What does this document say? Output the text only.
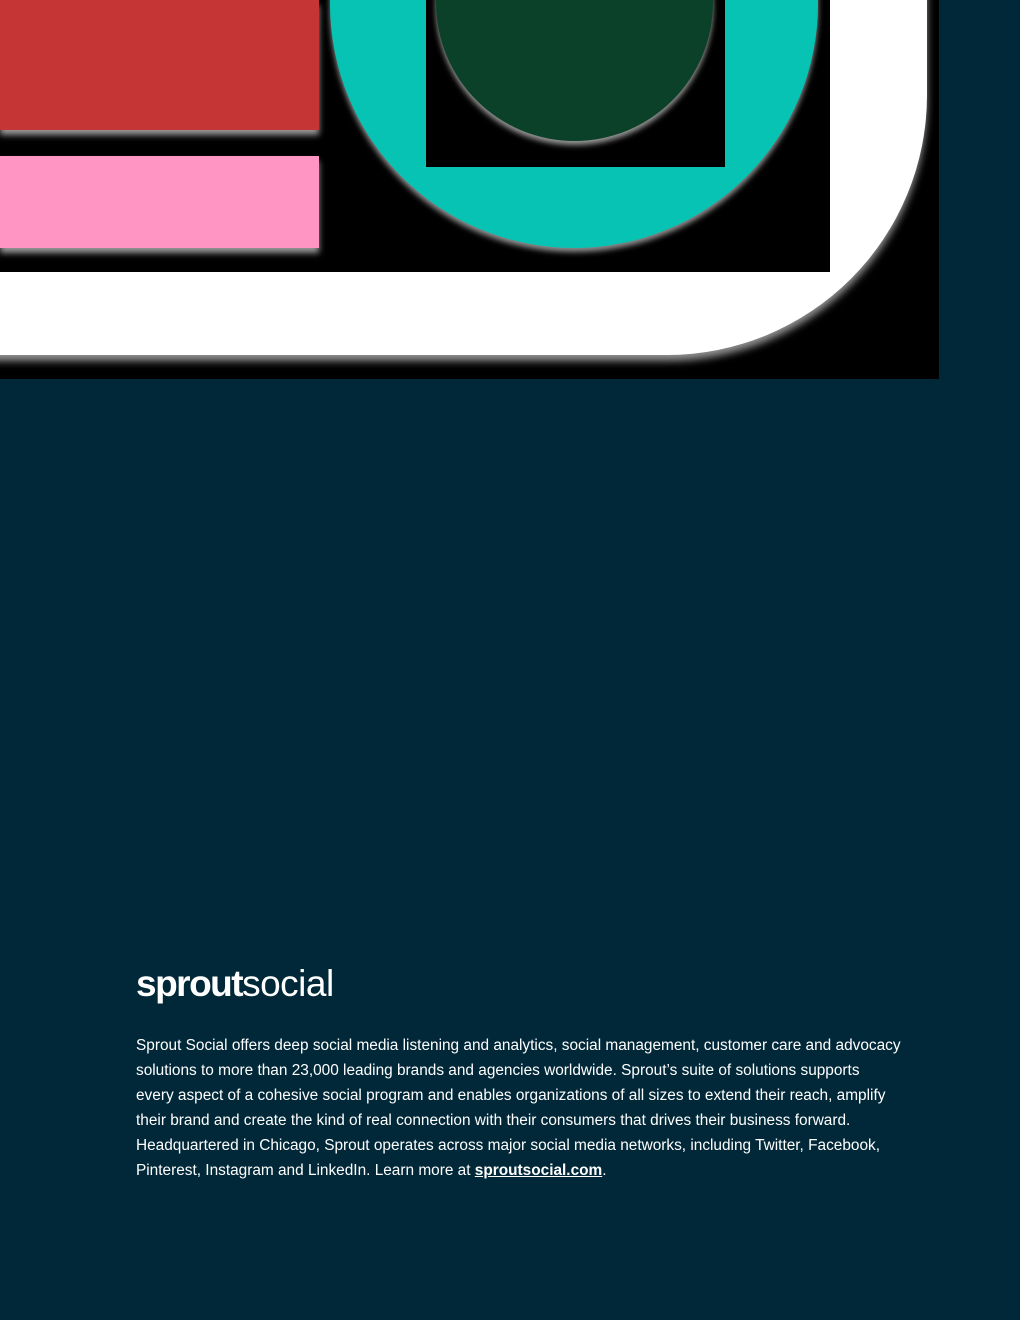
sproutsocial

Sprout Social offers deep social media listening and analytics, social management, customer care and advocacy solutions to more than 23,000 leading brands and agencies worldwide. Sprout’s suite of solutions supports every aspect of a cohesive social program and enables organizations of all sizes to extend their reach, amplify their brand and create the kind of real connection with their consumers that drives their business forward. Headquartered in Chicago, Sprout operates across major social media networks, including Twitter, Facebook, Pinterest, Instagram and LinkedIn. Learn more at sproutsocial.com.
